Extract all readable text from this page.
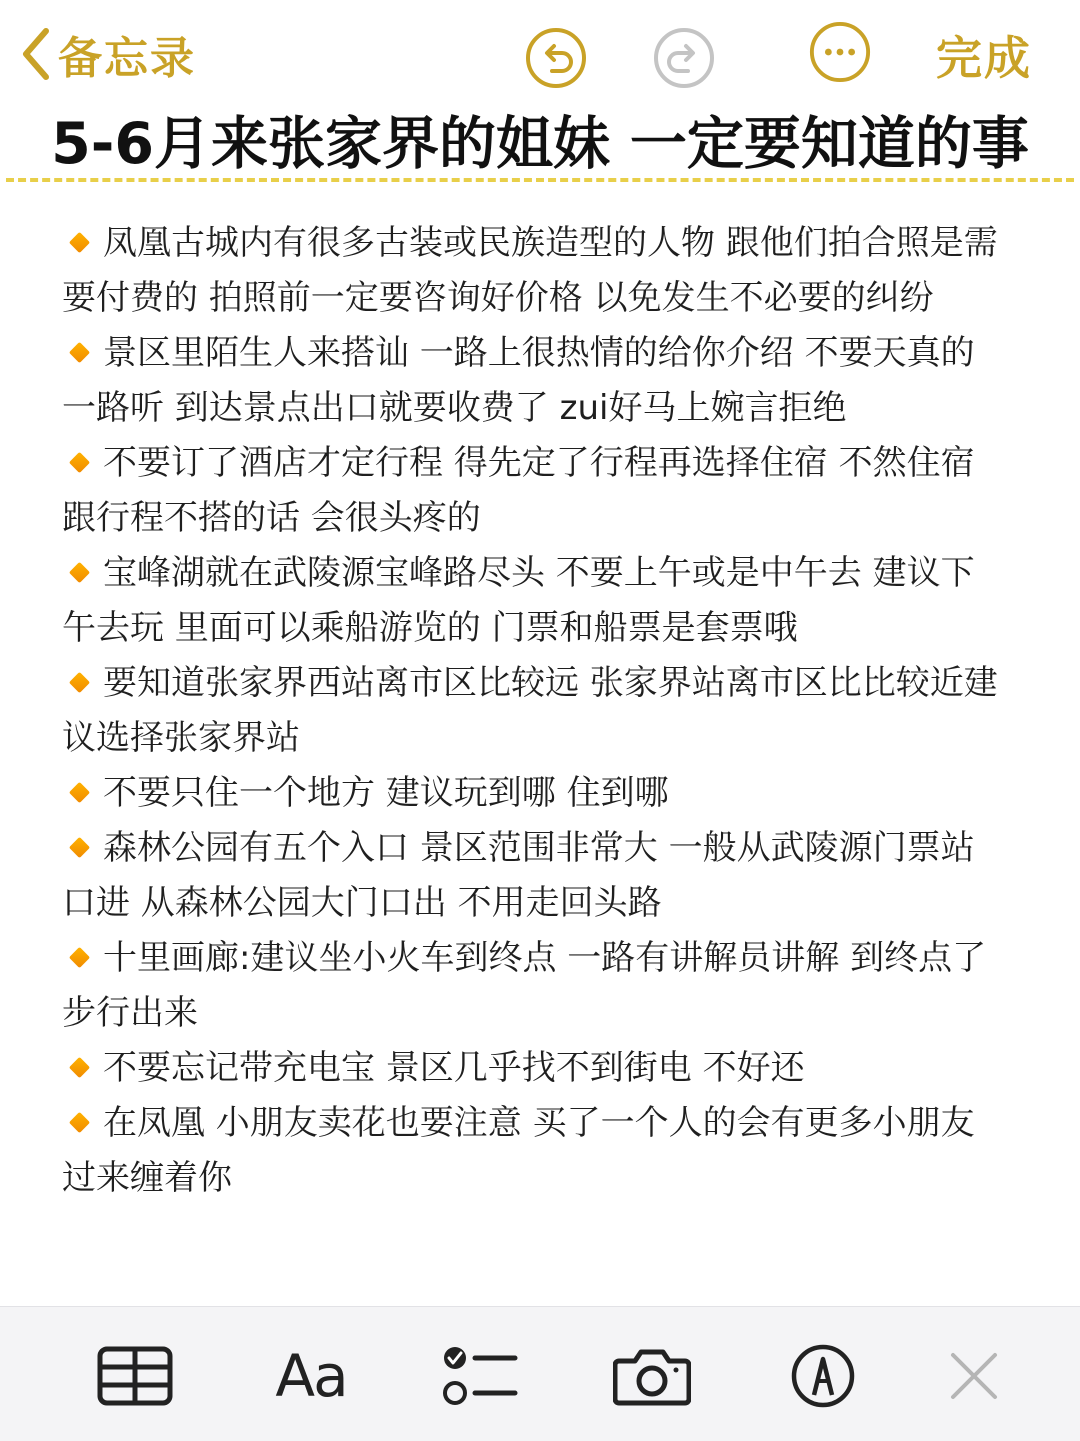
备忘录	完成
5-6月来张家界的姐妹 一定要知道的事

凤凰古城内有很多古装或民族造型的人物 跟他们拍合照是需要付费的 拍照前一定要咨询好价格 以免发生不必要的纠纷

景区里陌生人来搭讪 一路上很热情的给你介绍 不要天真的一路听 到达景点出口就要收费了 zui好马上婉言拒绝

不要订了酒店才定行程 得先定了行程再选择住宿 不然住宿跟行程不搭的话 会很头疼的

宝峰湖就在武陵源宝峰路尽头 不要上午或是中午去 建议下午去玩 里面可以乘船游览的 门票和船票是套票哦

要知道张家界西站离市区比较远 张家界站离市区比比较近建议选择张家界站

不要只住一个地方 建议玩到哪 住到哪

森林公园有五个入口 景区范围非常大 一般从武陵源门票站口进 从森林公园大门口出 不用走回头路

十里画廊:建议坐小火车到终点 一路有讲解员讲解 到终点了步行出来

不要忘记带充电宝 景区几乎找不到街电 不好还

在凤凰 小朋友卖花也要注意 买了一个人的会有更多小朋友过来缠着你

Aa
